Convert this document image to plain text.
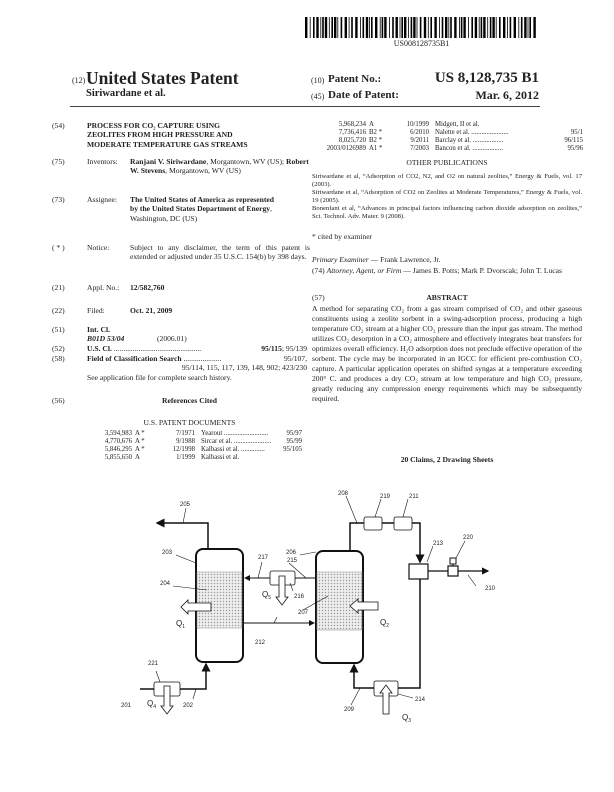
US008128735B1
(12) United States Patent
Siriwardane et al.
(10) Patent No.:	US 8,128,735 B1
(45) Date of Patent:	Mar. 6, 2012
(54)	PROCESS FOR CO₂ CAPTURE USING
ZEOLITES FROM HIGH PRESSURE AND
MODERATE TEMPERATURE GAS STREAMS
(75)	Inventors: Ranjani V. Siriwardane, Morgantown, WV (US); Robert W. Stevens, Morgantown, WV (US)
(73)	Assignee: The United States of America as represented by the United States Department of Energy, Washington, DC (US)
( * )	Notice:	Subject to any disclaimer, the term of this patent is extended or adjusted under 35 U.S.C. 154(b) by 398 days.
(21)	Appl. No.: 12/582,760
(22)	Filed:	Oct. 21, 2009
(51)	Int. Cl.
B01D 53/04	(2006.01)
(52)	U.S. Cl. ..............................................	95/115; 95/139
(58)	Field of Classification Search ....................	95/107,
95/114, 115, 117, 139, 148, 902; 423/230
See application file for complete search history.
(56)	References Cited
U.S. PATENT DOCUMENTS
3,594,983 A *	7/1971 Yearout ..........................	95/97
4,770,676 A *	9/1988 Sircar et al. ......................	95/99
5,846,295 A *	12/1998 Kalbassi et al. ..............	95/105
5,855,650 A	1/1999 Kalbassi et al.
5,968,234 A	10/1999 Midgett, II et al.
7,736,416 B2 *	6/2010 Nalette et al. ......................	95/1
8,025,720 B2 *	9/2011 Barclay et al. ..................	96/115
2003/0126989 A1 *	7/2003 Bancon et al. ..................	95/96
OTHER PUBLICATIONS
Siriwardane et al, “Adsorption of CO2, N2, and O2 on natural zeolites,” Energy & Fuels, vol. 17 (2003).
Siriwardane et al, “Adsorption of CO2 on Zeolites at Moderate Temperatures,” Energy & Fuels, vol. 19 (2005).
Bonenfant et al, “Advances in principal factors influencing carbon dioxide adsorption on zeolites,” Sci. Technol. Adv. Mater. 9 (2008).
* cited by examiner
Primary Examiner — Frank Lawrence, Jr.
(74) Attorney, Agent, or Firm — James B. Potts; Mark P. Dvorscak; John T. Lucas
(57)	ABSTRACT
A method for separating CO₂ from a gas stream comprised of CO₂ and other gaseous constituents using a zeolite sorbent in a swing-adsorption process, producing a high temperature CO₂ stream at a higher CO₂ pressure than the input gas stream. The method utilizes CO₂ desorption in a CO₂ atmosphere and effectively integrates heat transfers for optimizes overall efficiency. H₂O adsorption does not preclude effective operation of the sorbent. The cycle may be incorporated in an IGCC for efficient pre-combustion CO₂ capture. A particular application operates on shifted syngas at a temperature exceeding 200° C. and produces a dry CO₂ stream at low temperature and high CO₂ pressure, greatly reducing any compression energy requirements which may be subsequently required.
20 Claims, 2 Drawing Sheets
205
203
204
206
217	215
216
207
212
208	219	211
213
220
210
214
209
221
202
201
$Q_1$	$Q_2$
$Q_3$
$Q_4$
$Q_5$
